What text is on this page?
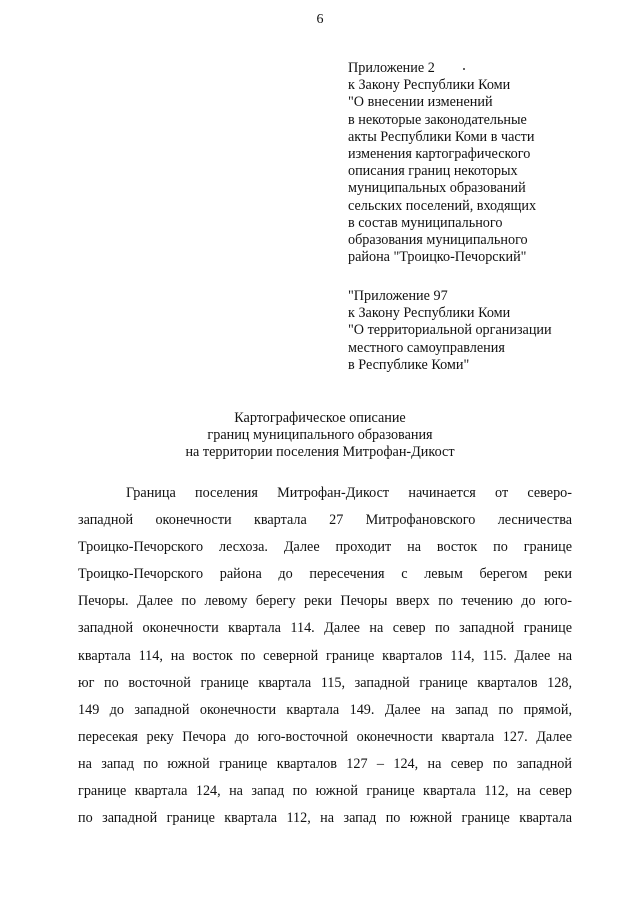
6
Приложение 2
к Закону Республики Коми
"О внесении изменений
в некоторые законодательные
акты Республики Коми в части
изменения картографического
описания границ некоторых
муниципальных образований
сельских поселений, входящих
в состав муниципального
образования муниципального
района "Троицко-Печорский"
"Приложение 97
к Закону Республики Коми
"О территориальной организации
местного самоуправления
в Республике Коми"
Картографическое описание
границ муниципального образования
на территории поселения Митрофан-Дикост
Граница поселения Митрофан-Дикост начинается от северо-
западной оконечности квартала 27 Митрофановского лесничества
Троицко-Печорского лесхоза. Далее проходит на восток по границе
Троицко-Печорского района до пересечения с левым берегом реки
Печоры. Далее по левому берегу реки Печоры вверх по течению до юго-
западной оконечности квартала 114. Далее на север по западной границе
квартала 114, на восток по северной границе кварталов 114, 115. Далее на
юг по восточной границе квартала 115, западной границе кварталов 128,
149 до западной оконечности квартала 149. Далее на запад по прямой,
пересекая реку Печора до юго-восточной оконечности квартала 127. Далее
на запад по южной границе кварталов 127 – 124, на север по западной
границе квартала 124, на запад по южной границе квартала 112, на север
по западной границе квартала 112, на запад по южной границе квартала
